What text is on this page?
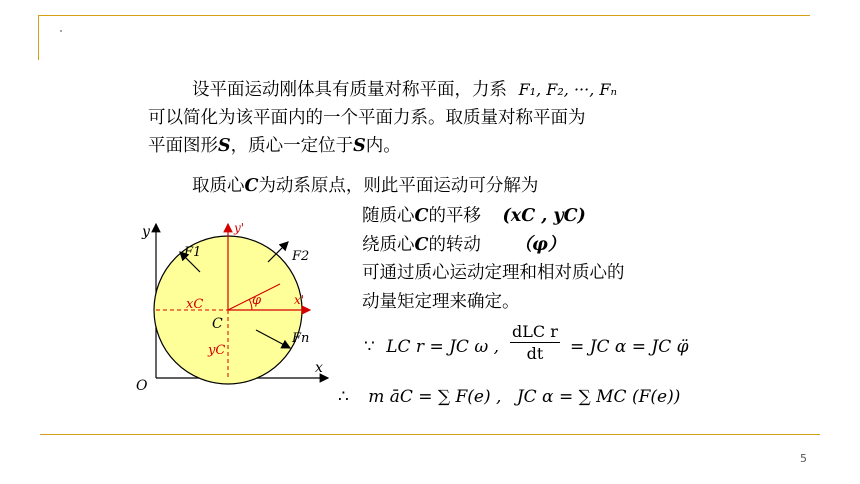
设平面运动刚体具有质量对称平面，力系 F₁, F₂, ···, Fₙ
可以简化为该平面内的一个平面力系。取质量对称平面为
平面图形S，质心一定位于S内。
取质心C为动系原点，则此平面运动可分解为
随质心C的平移 (xC , yC)
绕质心C的转动 （φ）
可通过质心运动定理和相对质心的
动量矩定理来确定。
y
x
O
C
y'
x'
φ
xC
yC
F1	F2
Fn	∵ LC r = JC ω ,
dLC r
dt	= JC α = JC φ̈
∴ m āC = ∑ F(e) , JC α = ∑ MC (F(e))
5
